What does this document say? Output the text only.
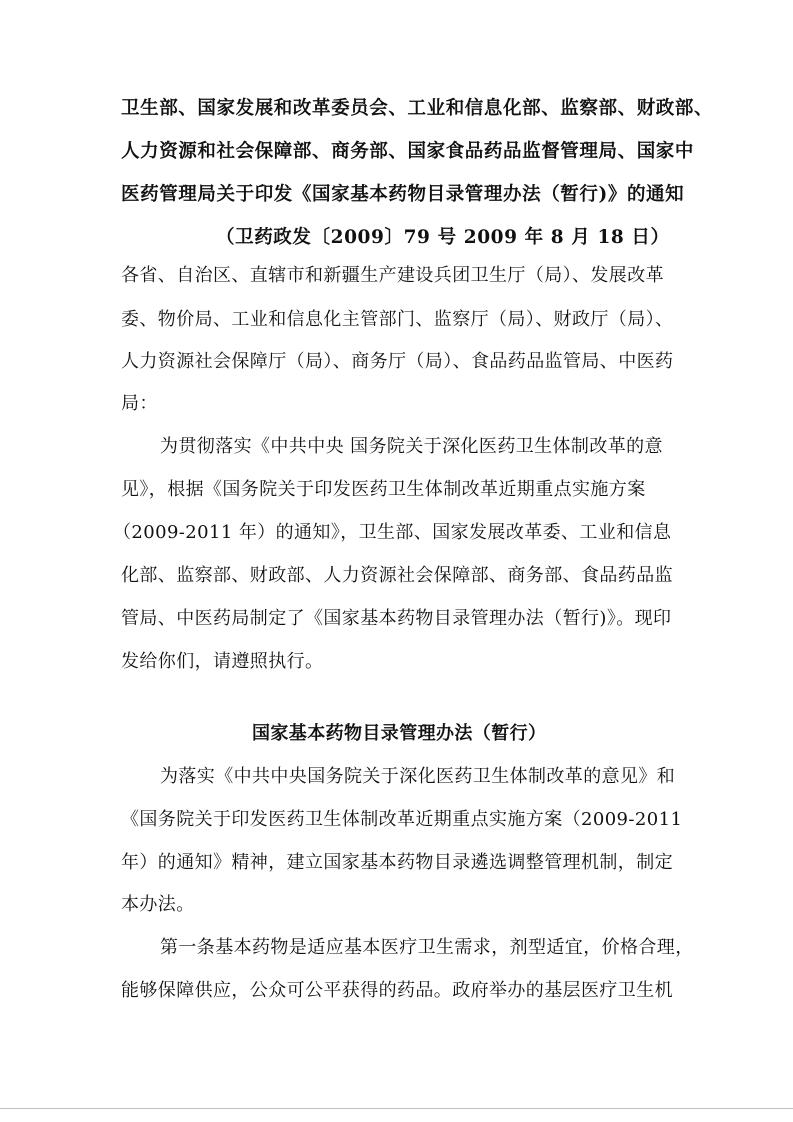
卫生部、国家发展和改革委员会、工业和信息化部、监察部、财政部、
人力资源和社会保障部、商务部、国家食品药品监督管理局、国家中
医药管理局关于印发《国家基本药物目录管理办法（暂行)》的通知
（卫药政发〔2009〕79 号 2009 年 8 月 18 日）
各省、自治区、直辖市和新疆生产建设兵团卫生厅（局）、发展改革
委、物价局、工业和信息化主管部门、监察厅（局）、财政厅（局）、
人力资源社会保障厅（局）、商务厅（局）、食品药品监管局、中医药
局：
为贯彻落实《中共中央 国务院关于深化医药卫生体制改革的意
见》，根据《国务院关于印发医药卫生体制改革近期重点实施方案
（2009-2011 年）的通知》，卫生部、国家发展改革委、工业和信息
化部、监察部、财政部、人力资源社会保障部、商务部、食品药品监
管局、中医药局制定了《国家基本药物目录管理办法（暂行)》。现印
发给你们，请遵照执行。
国家基本药物目录管理办法（暂行）
为落实《中共中央国务院关于深化医药卫生体制改革的意见》和
《国务院关于印发医药卫生体制改革近期重点实施方案（2009-2011
年）的通知》精神，建立国家基本药物目录遴选调整管理机制，制定
本办法。
第一条基本药物是适应基本医疗卫生需求，剂型适宜，价格合理，
能够保障供应，公众可公平获得的药品。政府举办的基层医疗卫生机
